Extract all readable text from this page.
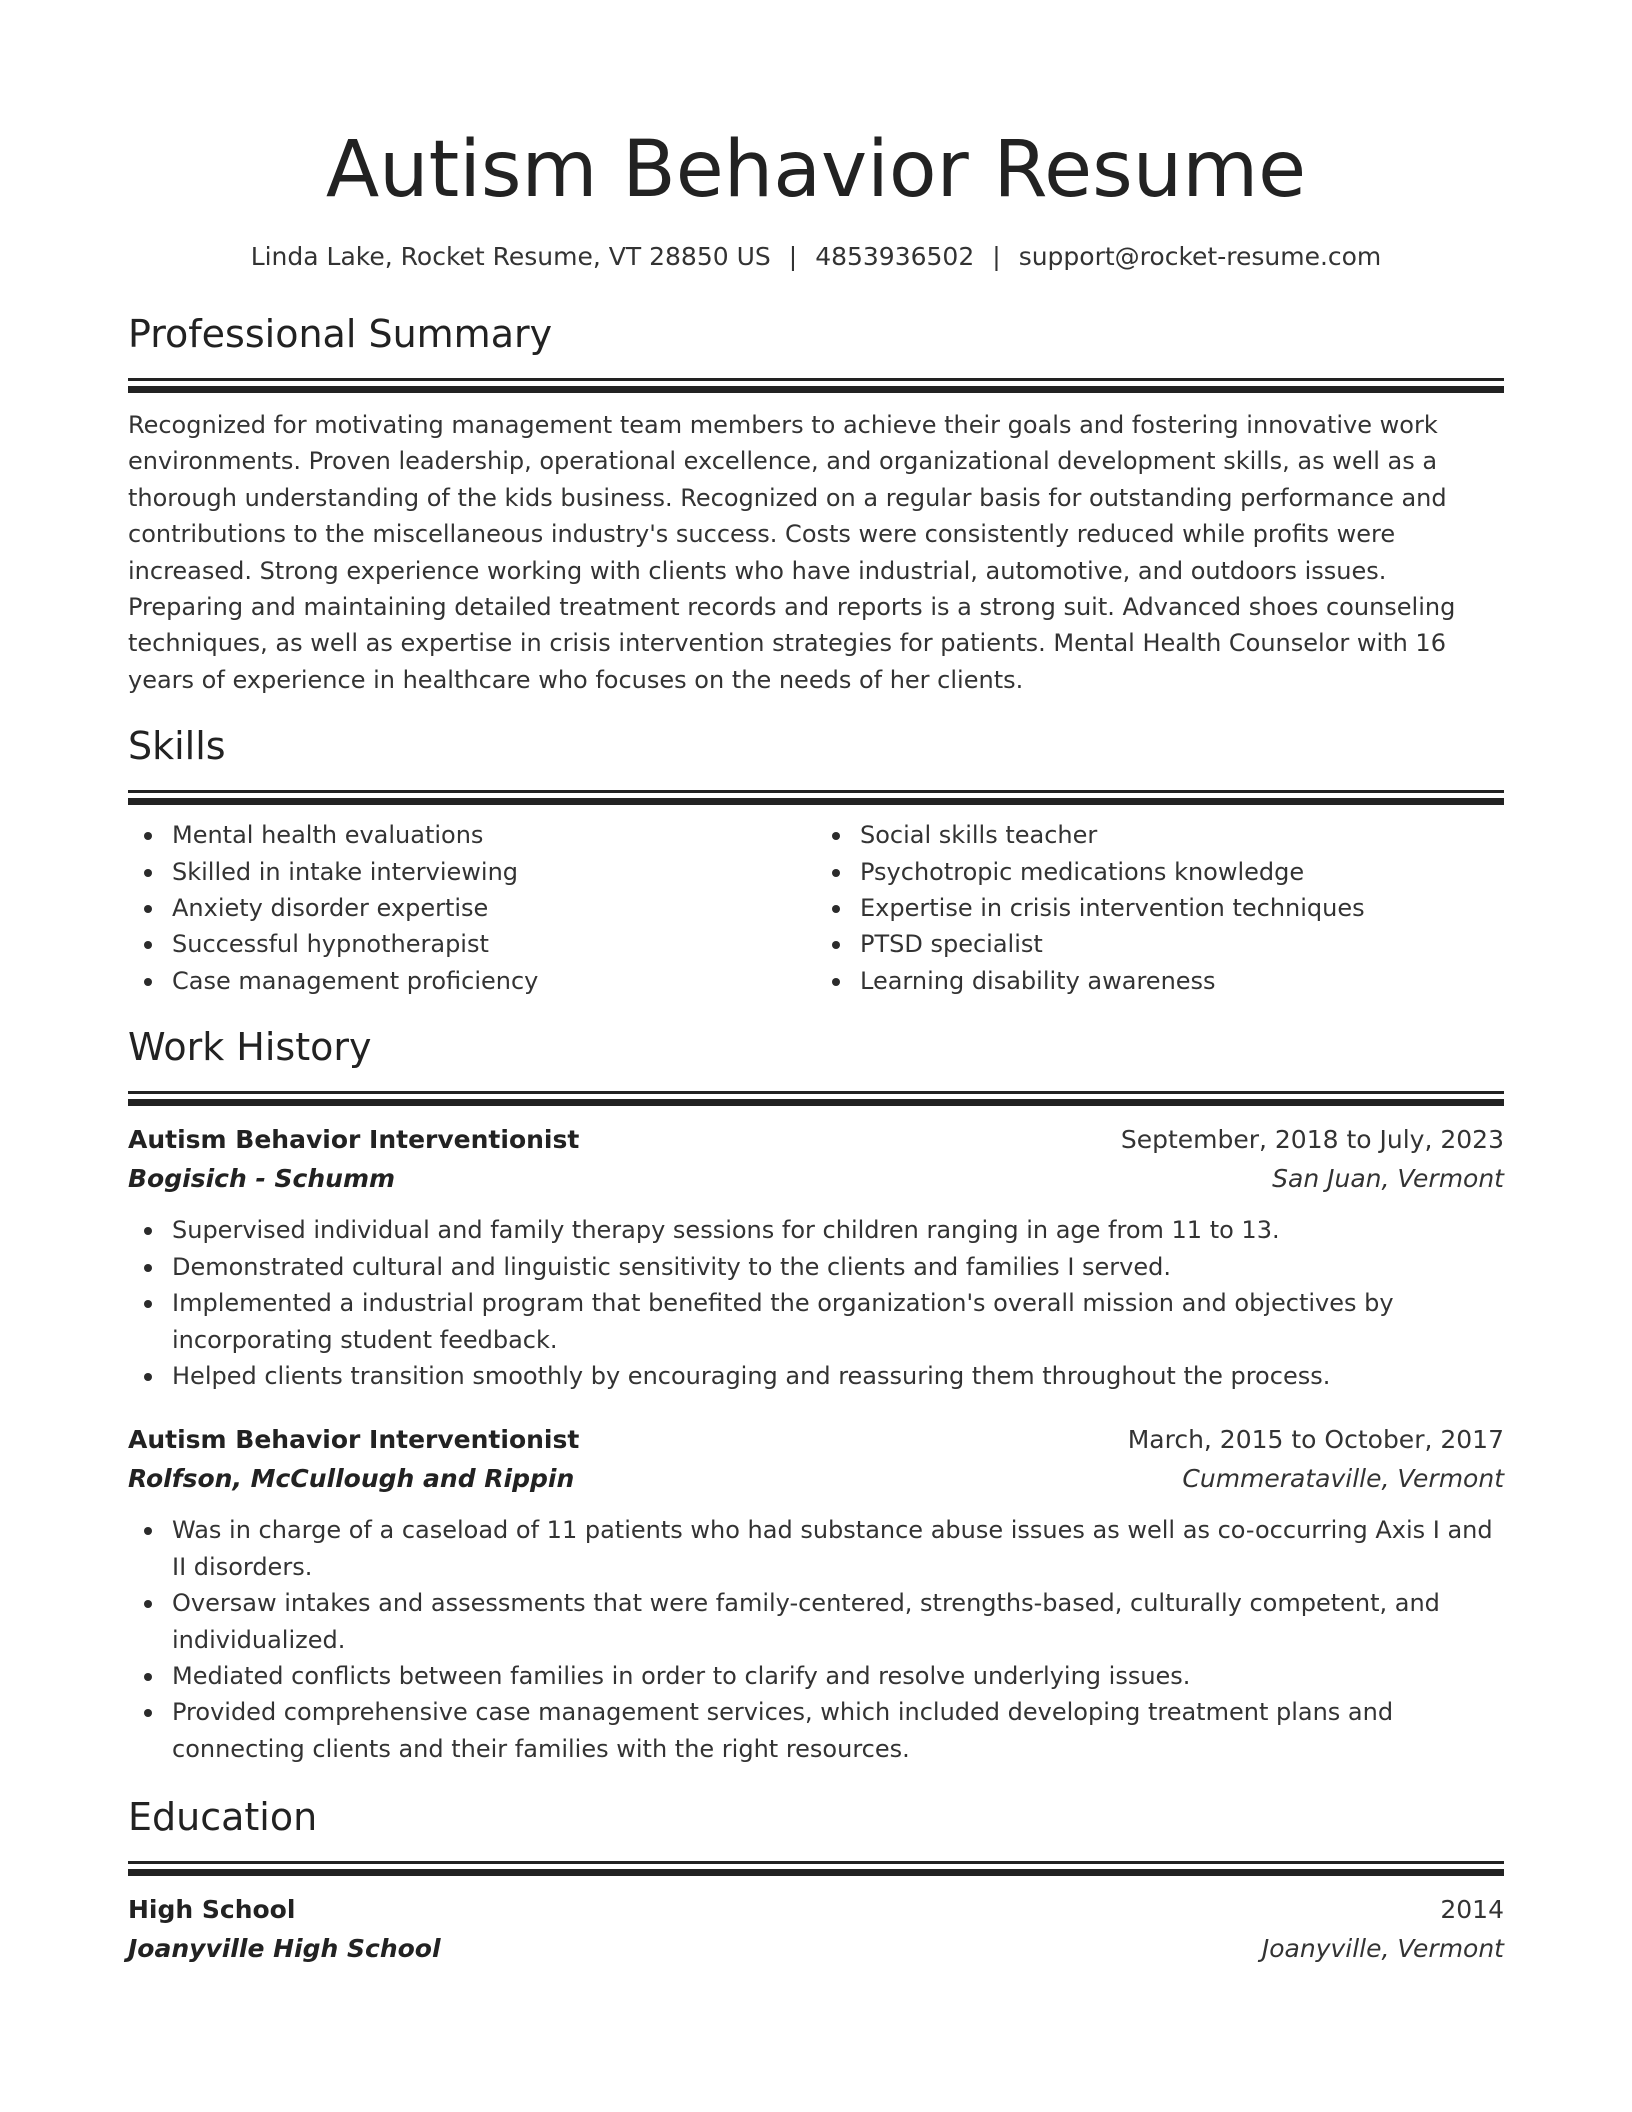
Autism Behavior Resume
Linda Lake, Rocket Resume, VT 28850 US | 4853936502 | support@rocket-resume.com
Professional Summary
Recognized for motivating management team members to achieve their goals and fostering innovative work environments. Proven leadership, operational excellence, and organizational development skills, as well as a thorough understanding of the kids business. Recognized on a regular basis for outstanding performance and contributions to the miscellaneous industry's success. Costs were consistently reduced while profits were increased. Strong experience working with clients who have industrial, automotive, and outdoors issues. Preparing and maintaining detailed treatment records and reports is a strong suit. Advanced shoes counseling techniques, as well as expertise in crisis intervention strategies for patients. Mental Health Counselor with 16 years of experience in healthcare who focuses on the needs of her clients.
Skills
Mental health evaluations
Skilled in intake interviewing
Anxiety disorder expertise
Successful hypnotherapist
Case management proficiency
Social skills teacher
Psychotropic medications knowledge
Expertise in crisis intervention techniques
PTSD specialist
Learning disability awareness
Work History
Autism Behavior Interventionist	September, 2018 to July, 2023
Bogisich - Schumm	San Juan, Vermont
Supervised individual and family therapy sessions for children ranging in age from 11 to 13.
Demonstrated cultural and linguistic sensitivity to the clients and families I served.
Implemented a industrial program that benefited the organization's overall mission and objectives by incorporating student feedback.
Helped clients transition smoothly by encouraging and reassuring them throughout the process.
Autism Behavior Interventionist	March, 2015 to October, 2017
Rolfson, McCullough and Rippin	Cummerataville, Vermont
Was in charge of a caseload of 11 patients who had substance abuse issues as well as co-occurring Axis I and II disorders.
Oversaw intakes and assessments that were family-centered, strengths-based, culturally competent, and individualized.
Mediated conflicts between families in order to clarify and resolve underlying issues.
Provided comprehensive case management services, which included developing treatment plans and connecting clients and their families with the right resources.
Education
High School	2014
Joanyville High School	Joanyville, Vermont
